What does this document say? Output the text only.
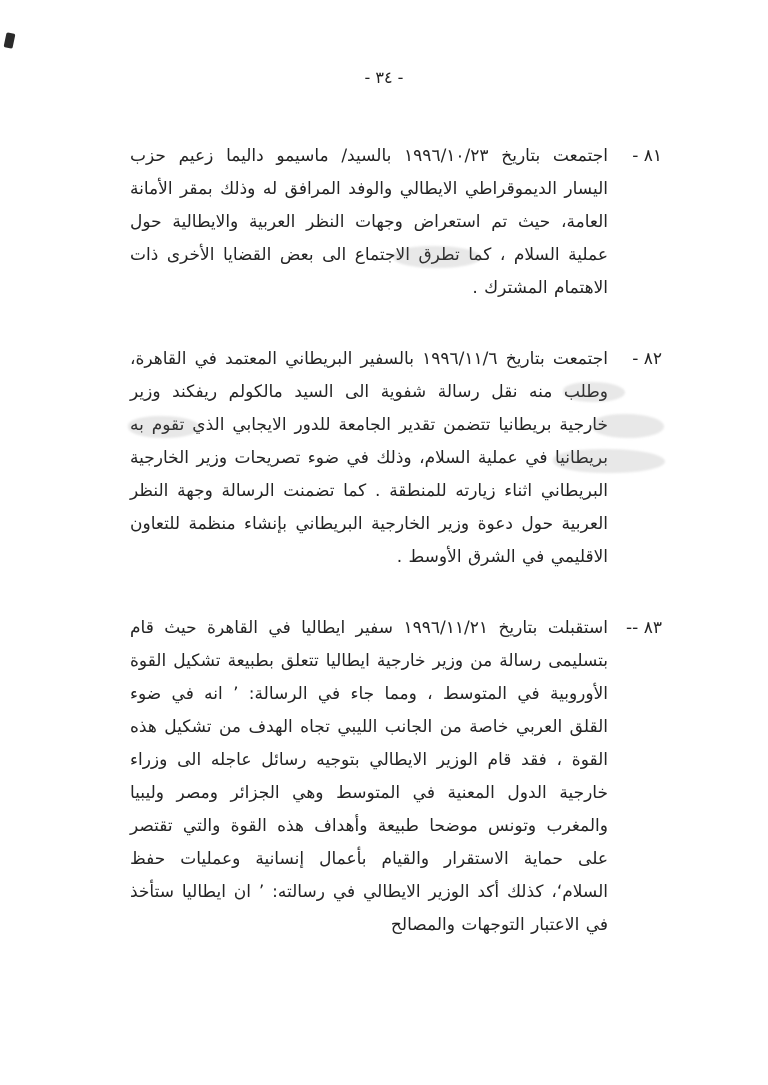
- ٣٤ -
٨١ -
اجتمعت بتاريخ ١٩٩٦/١٠/٢٣ بالسيد/ ماسيمو داليما زعيم حزب اليسار الديموقراطي الايطالي والوفد المرافق له وذلك بمقر الأمانة العامة، حيث تم استعراض وجهات النظر العربية والايطالية حول عملية السلام ، كما تطرق الاجتماع الى بعض القضايا الأخرى ذات الاهتمام المشترك .
٨٢ -
اجتمعت بتاريخ ١٩٩٦/١١/٦ بالسفير البريطاني المعتمد في القاهرة، وطلب منه نقل رسالة شفوية الى السيد مالكولم ريفكند وزير خارجية بريطانيا تتضمن تقدير الجامعة للدور الايجابي الذي تقوم به بريطانيا في عملية السلام، وذلك في ضوء تصريحات وزير الخارجية البريطاني اثناء زيارته للمنطقة . كما تضمنت الرسالة وجهة النظر العربية حول دعوة وزير الخارجية البريطاني بإنشاء منظمة للتعاون الاقليمي في الشرق الأوسط .
٨٣ --
استقبلت بتاريخ ١٩٩٦/١١/٢١ سفير ايطاليا في القاهرة حيث قام بتسليمى رسالة من وزير خارجية ايطاليا تتعلق بطبيعة تشكيل القوة الأوروبية في المتوسط ، ومما جاء في الرسالة: ’ انه في ضوء القلق العربي خاصة من الجانب الليبي تجاه الهدف من تشكيل هذه القوة ، فقد قام الوزير الايطالي بتوجيه رسائل عاجله الى وزراء خارجية الدول المعنية في المتوسط وهي الجزائر ومصر وليبيا والمغرب وتونس موضحا طبيعة وأهداف هذه القوة والتي تقتصر على حماية الاستقرار والقيام بأعمال إنسانية وعمليات حفظ السلام‘، كذلك أكد الوزير الايطالي في رسالته: ’ ان ايطاليا ستأخذ في الاعتبار التوجهات والمصالح
